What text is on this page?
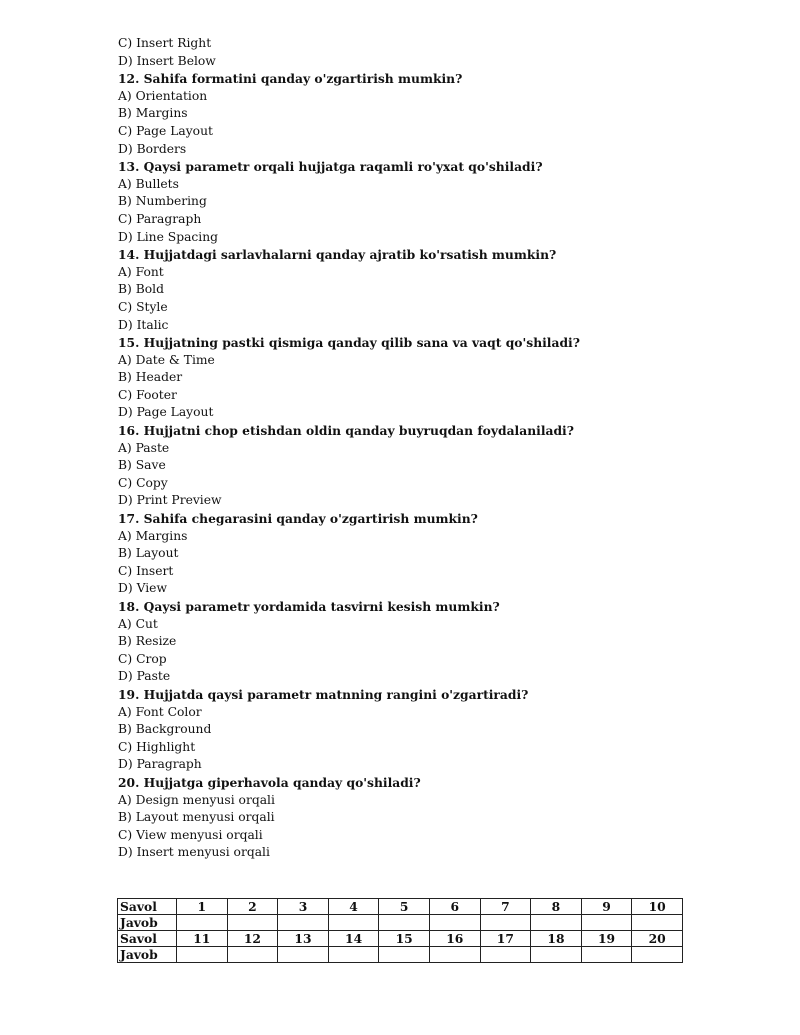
C) Insert Right
D) Insert Below
12. Sahifa formatini qanday o'zgartirish mumkin?
A) Orientation
B) Margins
C) Page Layout
D) Borders
13. Qaysi parametr orqali hujjatga raqamli ro'yxat qo'shiladi?
A) Bullets
B) Numbering
C) Paragraph
D) Line Spacing
14. Hujjatdagi sarlavhalarni qanday ajratib ko'rsatish mumkin?
A) Font
B) Bold
C) Style
D) Italic
15. Hujjatning pastki qismiga qanday qilib sana va vaqt qo'shiladi?
A) Date & Time
B) Header
C) Footer
D) Page Layout
16. Hujjatni chop etishdan oldin qanday buyruqdan foydalaniladi?
A) Paste
B) Save
C) Copy
D) Print Preview
17. Sahifa chegarasini qanday o'zgartirish mumkin?
A) Margins
B) Layout
C) Insert
D) View
18. Qaysi parametr yordamida tasvirni kesish mumkin?
A) Cut
B) Resize
C) Crop
D) Paste
19. Hujjatda qaysi parametr matnning rangini o'zgartiradi?
A) Font Color
B) Background
C) Highlight
D) Paragraph
20. Hujjatga giperhavola qanday qo'shiladi?
A) Design menyusi orqali
B) Layout menyusi orqali
C) View menyusi orqali
D) Insert menyusi orqali
Savol	1	2	3	4	5	6	7	8	9	10
Javob										
Savol	11	12	13	14	15	16	17	18	19	20
Javob										
